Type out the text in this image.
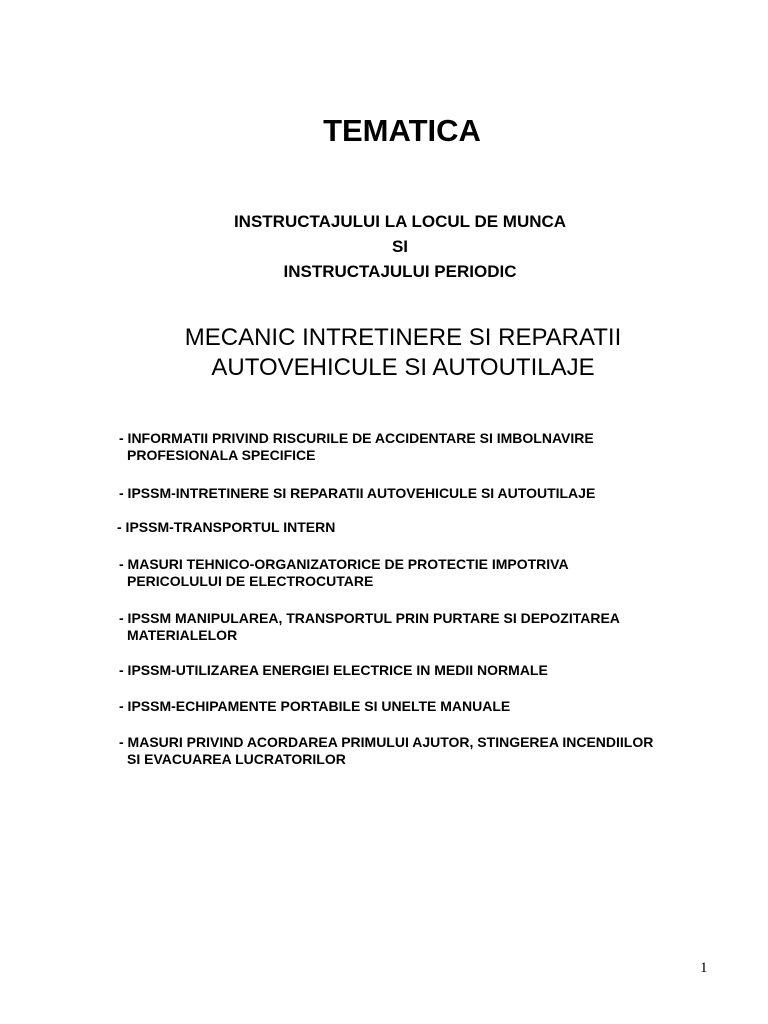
TEMATICA
INSTRUCTAJULUI LA LOCUL DE MUNCA
SI
INSTRUCTAJULUI PERIODIC
MECANIC INTRETINERE SI REPARATII
AUTOVEHICULE SI AUTOUTILAJE
- INFORMATII PRIVIND RISCURILE DE ACCIDENTARE SI IMBOLNAVIRE
PROFESIONALA SPECIFICE
- IPSSM-INTRETINERE SI REPARATII AUTOVEHICULE SI AUTOUTILAJE
- IPSSM-TRANSPORTUL INTERN
- MASURI TEHNICO-ORGANIZATORICE DE PROTECTIE IMPOTRIVA
PERICOLULUI DE ELECTROCUTARE
- IPSSM MANIPULAREA, TRANSPORTUL PRIN PURTARE SI DEPOZITAREA
MATERIALELOR
- IPSSM-UTILIZAREA ENERGIEI ELECTRICE IN MEDII NORMALE
- IPSSM-ECHIPAMENTE PORTABILE SI UNELTE MANUALE
- MASURI PRIVIND ACORDAREA PRIMULUI AJUTOR, STINGEREA INCENDIILOR
SI EVACUAREA LUCRATORILOR
1
